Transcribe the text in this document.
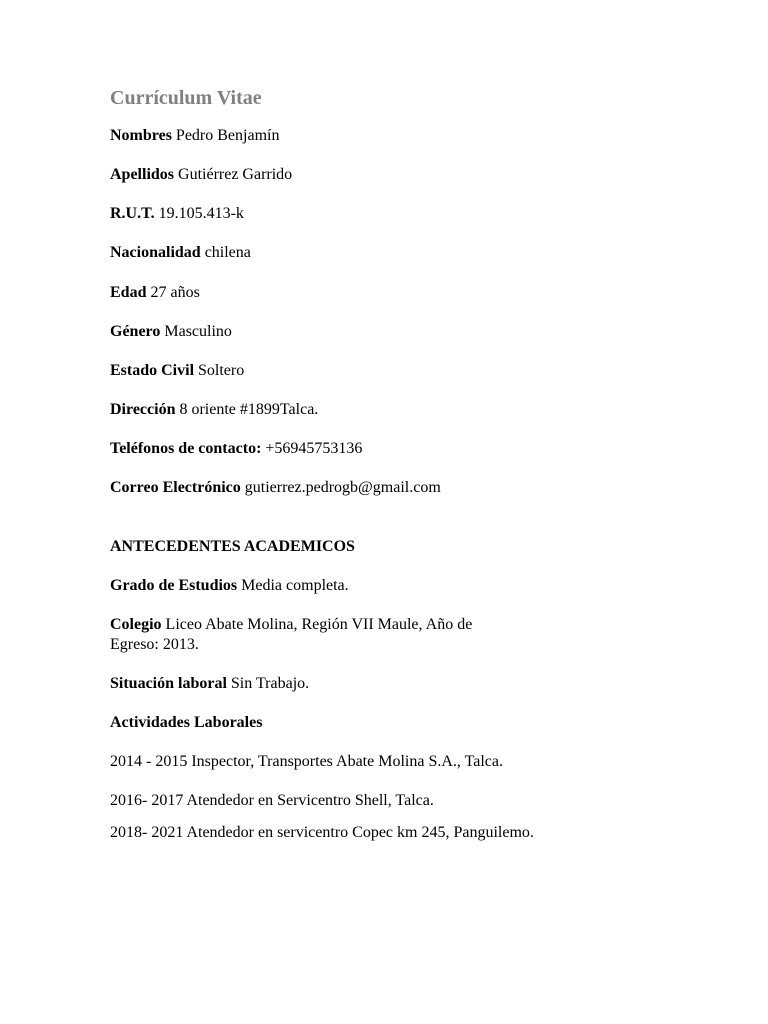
Currículum Vitae
Nombres Pedro Benjamín
Apellidos Gutiérrez Garrido
R.U.T. 19.105.413-k
Nacionalidad chilena
Edad 27 años
Género Masculino
Estado Civil Soltero
Dirección 8 oriente #1899Talca.
Teléfonos de contacto: +56945753136
Correo Electrónico gutierrez.pedrogb@gmail.com
ANTECEDENTES ACADEMICOS
Grado de Estudios Media completa.
Colegio Liceo Abate Molina, Región VII Maule, Año de
Egreso: 2013.
Situación laboral Sin Trabajo.
Actividades Laborales
2014 - 2015 Inspector, Transportes Abate Molina S.A., Talca.
2016- 2017 Atendedor en Servicentro Shell, Talca.
2018- 2021 Atendedor en servicentro Copec km 245, Panguilemo.
